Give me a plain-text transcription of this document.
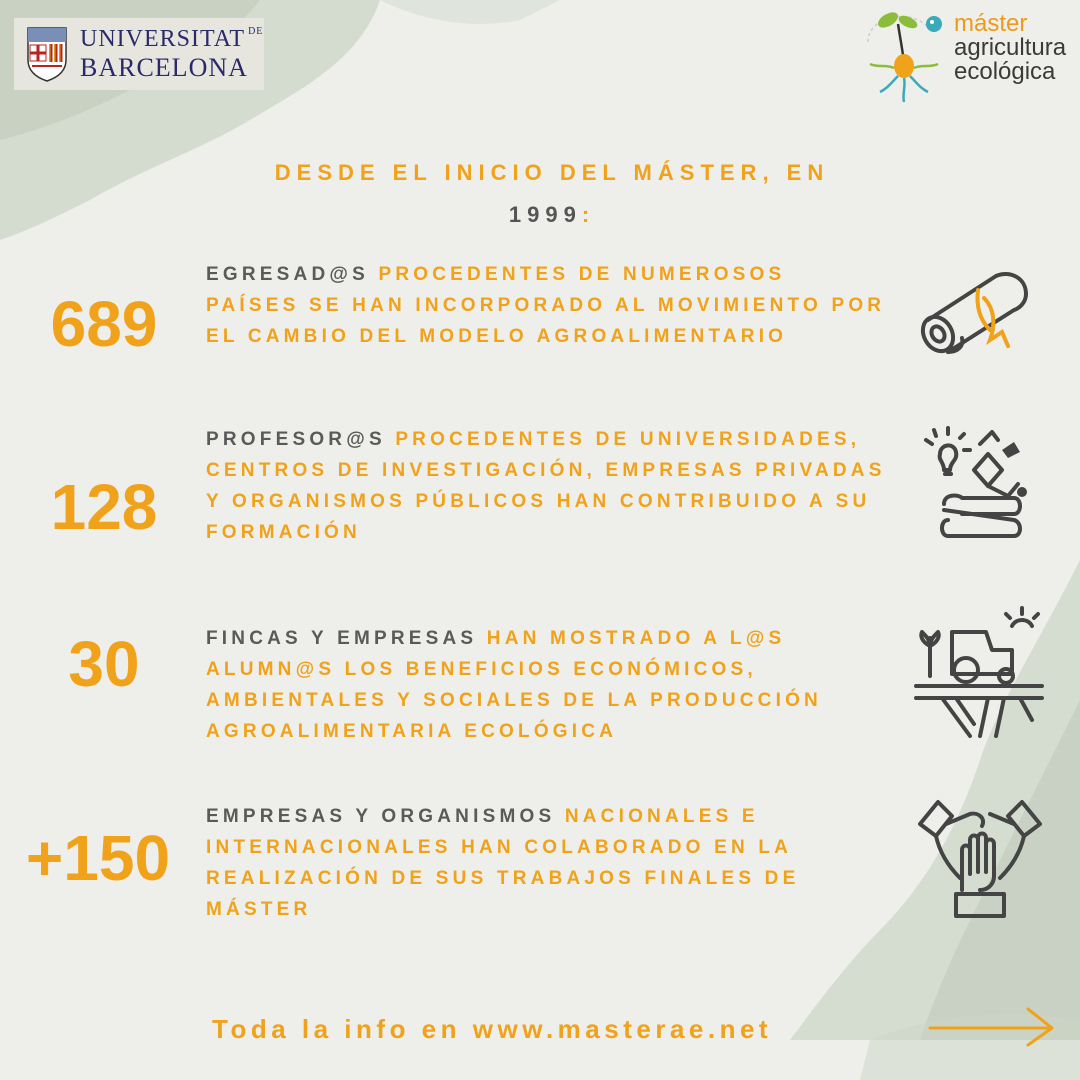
UNIVERSITAT $^{DE}$
BARCELONA
máster
agricultura
ecológica
DESDE EL INICIO DEL MÁSTER, EN
1999:
689
EGRESAD@S PROCEDENTES DE NUMEROSOS PAÍSES SE HAN INCORPORADO AL MOVIMIENTO POR EL CAMBIO DEL MODELO AGROALIMENTARIO
128
PROFESOR@S PROCEDENTES DE UNIVERSIDADES, CENTROS DE INVESTIGACIÓN, EMPRESAS PRIVADAS Y ORGANISMOS PÚBLICOS HAN CONTRIBUIDO A SU FORMACIÓN
30	FINCAS Y EMPRESAS HAN MOSTRADO A L@S ALUMN@S LOS BENEFICIOS ECONÓMICOS, AMBIENTALES Y SOCIALES DE LA PRODUCCIÓN AGROALIMENTARIA ECOLÓGICA
+150
EMPRESAS Y ORGANISMOS NACIONALES E INTERNACIONALES HAN COLABORADO EN LA REALIZACIÓN DE SUS TRABAJOS FINALES DE MÁSTER
Toda la info en www.masterae.net
